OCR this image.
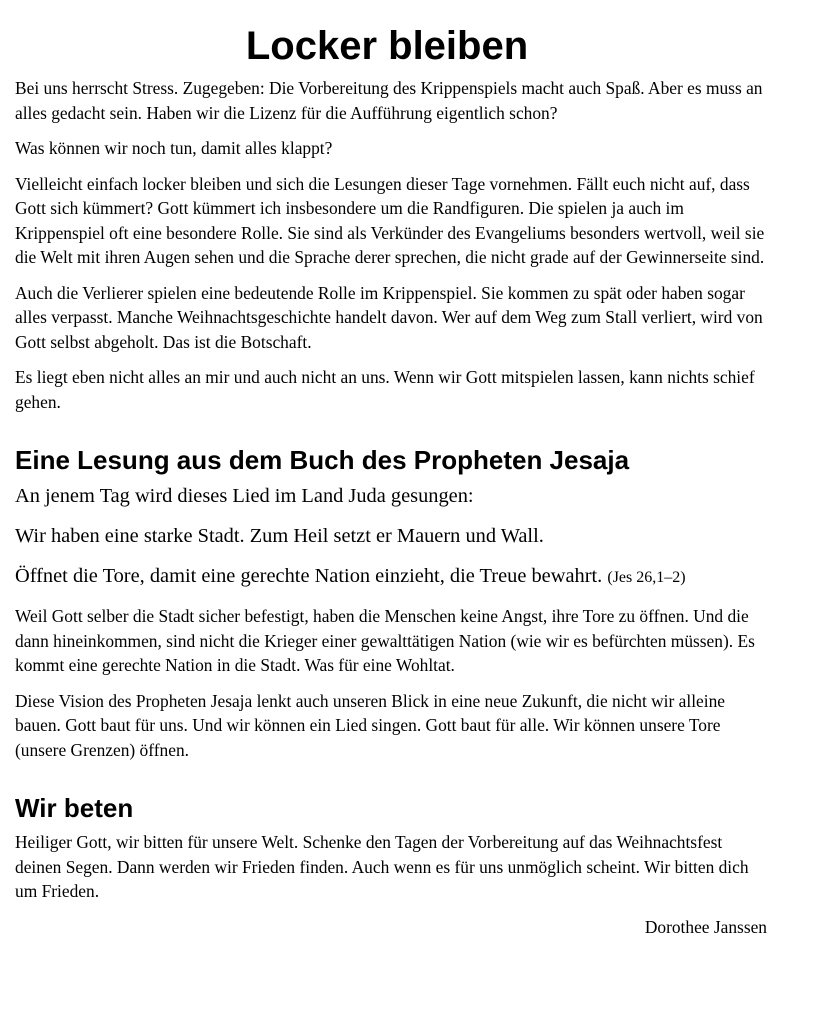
Locker bleiben

Bei uns herrscht Stress. Zugegeben: Die Vorbereitung des Krippenspiels macht auch Spaß. Aber es muss an alles gedacht sein. Haben wir die Lizenz für die Aufführung eigentlich schon?

Was können wir noch tun, damit alles klappt?

Vielleicht einfach locker bleiben und sich die Lesungen dieser Tage vornehmen. Fällt euch nicht auf, dass Gott sich kümmert? Gott kümmert ich insbesondere um die Randfiguren. Die spielen ja auch im Krippenspiel oft eine besondere Rolle. Sie sind als Verkünder des Evangeliums besonders wertvoll, weil sie die Welt mit ihren Augen sehen und die Sprache derer sprechen, die nicht grade auf der Gewinnerseite sind.

Auch die Verlierer spielen eine bedeutende Rolle im Krippenspiel. Sie kommen zu spät oder haben sogar alles verpasst. Manche Weihnachtsgeschichte handelt davon. Wer auf dem Weg zum Stall verliert, wird von Gott selbst abgeholt. Das ist die Botschaft.

Es liegt eben nicht alles an mir und auch nicht an uns. Wenn wir Gott mitspielen lassen, kann nichts schief gehen.

Eine Lesung aus dem Buch des Propheten Jesaja

An jenem Tag wird dieses Lied im Land Juda gesungen:

Wir haben eine starke Stadt. Zum Heil setzt er Mauern und Wall.

Öffnet die Tore, damit eine gerechte Nation einzieht, die Treue bewahrt. (Jes 26,1–2)

Weil Gott selber die Stadt sicher befestigt, haben die Menschen keine Angst, ihre Tore zu öffnen. Und die dann hineinkommen, sind nicht die Krieger einer gewalttätigen Nation (wie wir es befürchten müssen). Es kommt eine gerechte Nation in die Stadt. Was für eine Wohltat.

Diese Vision des Propheten Jesaja lenkt auch unseren Blick in eine neue Zukunft, die nicht wir alleine bauen. Gott baut für uns. Und wir können ein Lied singen. Gott baut für alle. Wir können unsere Tore (unsere Grenzen) öffnen.

Wir beten

Heiliger Gott, wir bitten für unsere Welt. Schenke den Tagen der Vorbereitung auf das Weihnachtsfest deinen Segen. Dann werden wir Frieden finden. Auch wenn es für uns unmöglich scheint. Wir bitten dich um Frieden.

Dorothee Janssen
